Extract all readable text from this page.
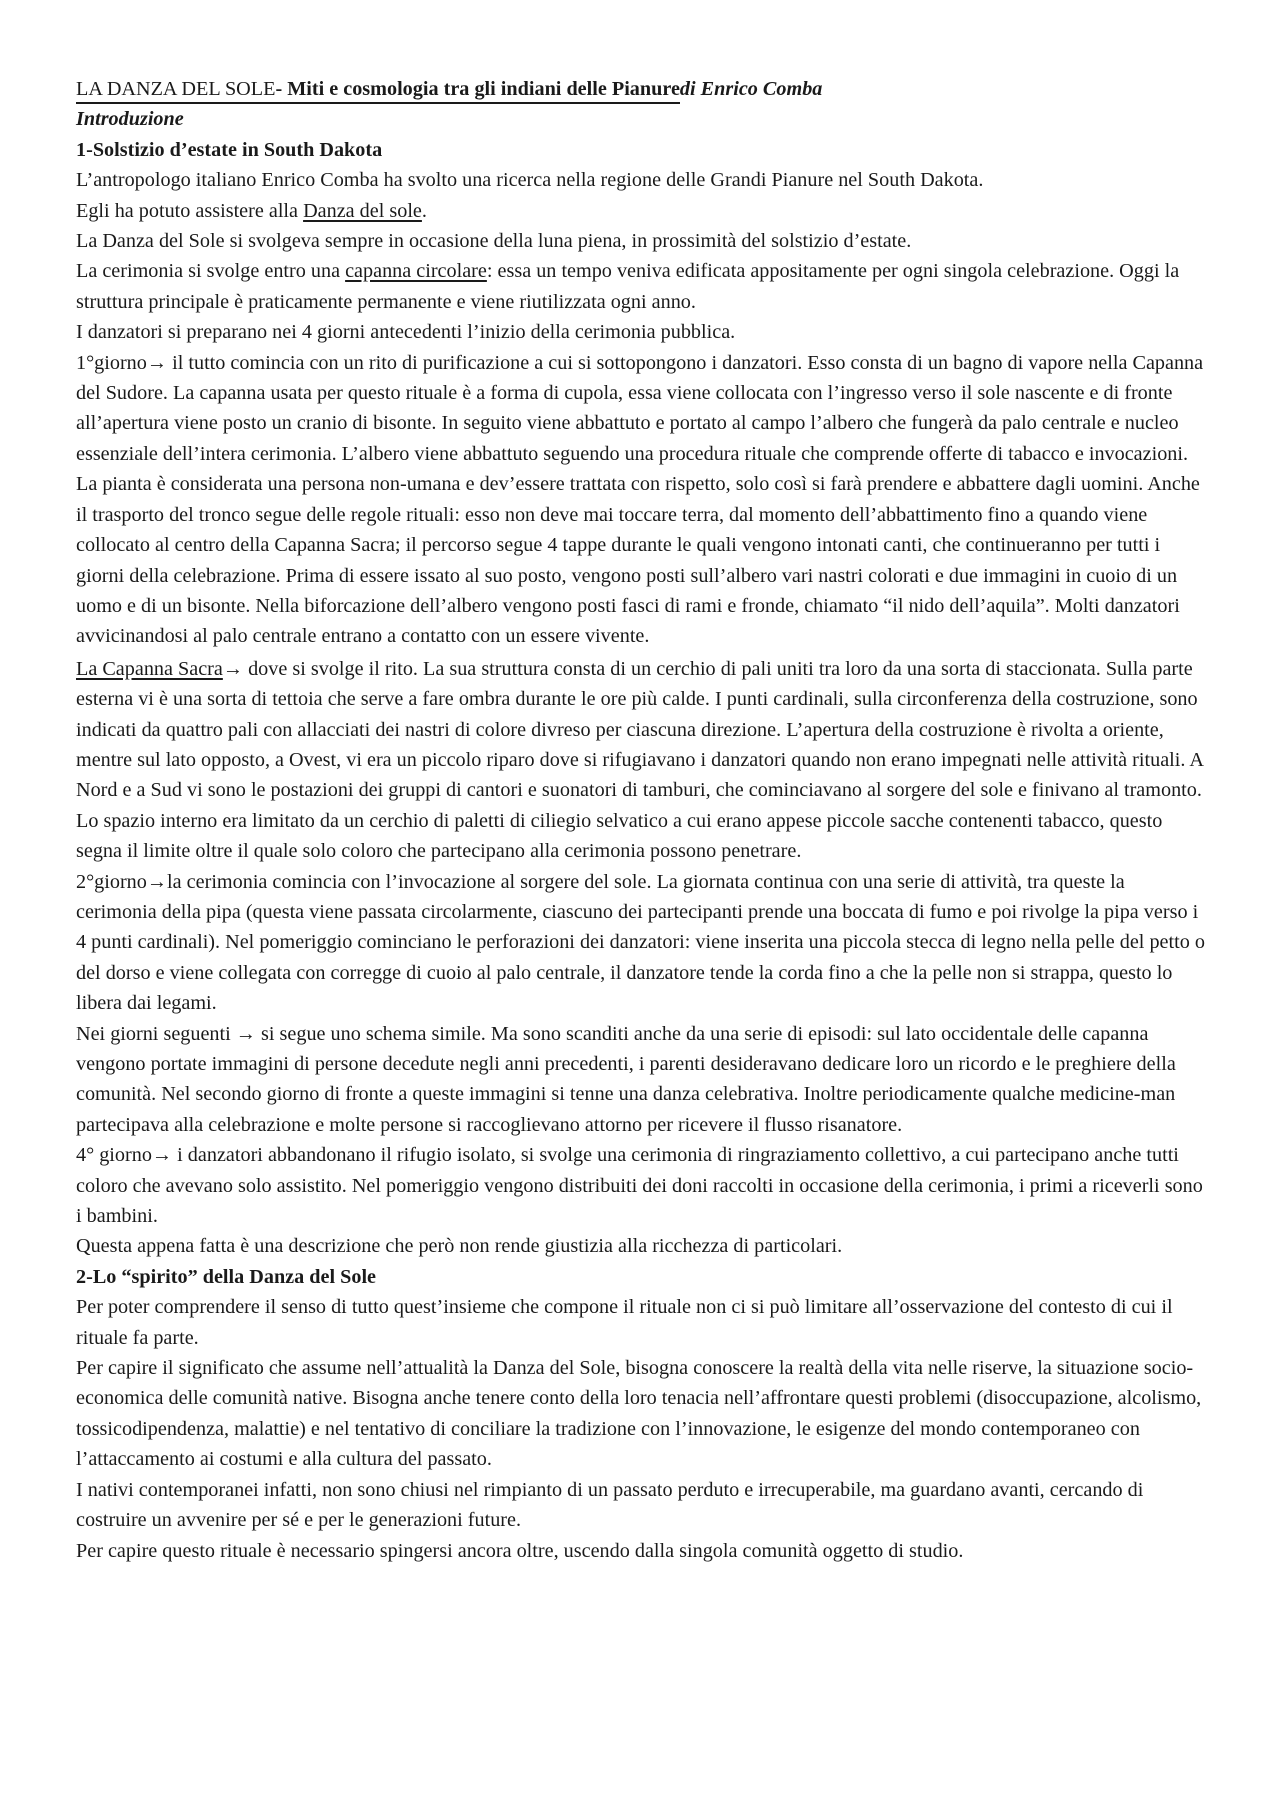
LA DANZA DEL SOLE- Miti e cosmologia tra gli indiani delle Pianuredi Enrico Comba

Introduzione

1-Solstizio d’estate in South Dakota

L’antropologo italiano Enrico Comba ha svolto una ricerca nella regione delle Grandi Pianure nel South Dakota.

Egli ha potuto assistere alla Danza del sole.

La Danza del Sole si svolgeva sempre in occasione della luna piena, in prossimità del solstizio d’estate.

La cerimonia si svolge entro una capanna circolare: essa un tempo veniva edificata appositamente per ogni singola celebrazione. Oggi la struttura principale è praticamente permanente e viene riutilizzata ogni anno.

I danzatori si preparano nei 4 giorni antecedenti l’inizio della cerimonia pubblica.

1°giorno→ il tutto comincia con un rito di purificazione a cui si sottopongono i danzatori. Esso consta di un bagno di vapore nella Capanna del Sudore. La capanna usata per questo rituale è a forma di cupola, essa viene collocata con l’ingresso verso il sole nascente e di fronte all’apertura viene posto un cranio di bisonte. In seguito viene abbattuto e portato al campo l’albero che fungerà da palo centrale e nucleo essenziale dell’intera cerimonia. L’albero viene abbattuto seguendo una procedura rituale che comprende offerte di tabacco e invocazioni. La pianta è considerata una persona non-umana e dev’essere trattata con rispetto, solo così si farà prendere e abbattere dagli uomini. Anche il trasporto del tronco segue delle regole rituali: esso non deve mai toccare terra, dal momento dell’abbattimento fino a quando viene collocato al centro della Capanna Sacra; il percorso segue 4 tappe durante le quali vengono intonati canti, che continueranno per tutti i giorni della celebrazione. Prima di essere issato al suo posto, vengono posti sull’albero vari nastri colorati e due immagini in cuoio di un uomo e di un bisonte. Nella biforcazione dell’albero vengono posti fasci di rami e fronde, chiamato “il nido dell’aquila”. Molti danzatori avvicinandosi al palo centrale entrano a contatto con un essere vivente.

La Capanna Sacra→ dove si svolge il rito. La sua struttura consta di un cerchio di pali uniti tra loro da una sorta di staccionata. Sulla parte esterna vi è una sorta di tettoia che serve a fare ombra durante le ore più calde. I punti cardinali, sulla circonferenza della costruzione, sono indicati da quattro pali con allacciati dei nastri di colore divreso per ciascuna direzione. L’apertura della costruzione è rivolta a oriente, mentre sul lato opposto, a Ovest, vi era un piccolo riparo dove si rifugiavano i danzatori quando non erano impegnati nelle attività rituali. A Nord e a Sud vi sono le postazioni dei gruppi di cantori e suonatori di tamburi, che cominciavano al sorgere del sole e finivano al tramonto. Lo spazio interno era limitato da un cerchio di paletti di ciliegio selvatico a cui erano appese piccole sacche contenenti tabacco, questo segna il limite oltre il quale solo coloro che partecipano alla cerimonia possono penetrare.

2°giorno→la cerimonia comincia con l’invocazione al sorgere del sole. La giornata continua con una serie di attività, tra queste la cerimonia della pipa (questa viene passata circolarmente, ciascuno dei partecipanti prende una boccata di fumo e poi rivolge la pipa verso i 4 punti cardinali). Nel pomeriggio cominciano le perforazioni dei danzatori: viene inserita una piccola stecca di legno nella pelle del petto o del dorso e viene collegata con corregge di cuoio al palo centrale, il danzatore tende la corda fino a che la pelle non si strappa, questo lo libera dai legami.

Nei giorni seguenti → si segue uno schema simile. Ma sono scanditi anche da una serie di episodi: sul lato occidentale delle capanna vengono portate immagini di persone decedute negli anni precedenti, i parenti desideravano dedicare loro un ricordo e le preghiere della comunità. Nel secondo giorno di fronte a queste immagini si tenne una danza celebrativa. Inoltre periodicamente qualche medicine-man partecipava alla celebrazione e molte persone si raccoglievano attorno per ricevere il flusso risanatore.

4° giorno→ i danzatori abbandonano il rifugio isolato, si svolge una cerimonia di ringraziamento collettivo, a cui partecipano anche tutti coloro che avevano solo assistito. Nel pomeriggio vengono distribuiti dei doni raccolti in occasione della cerimonia, i primi a riceverli sono i bambini.

Questa appena fatta è una descrizione che però non rende giustizia alla ricchezza di particolari.

2-Lo “spirito” della Danza del Sole

Per poter comprendere il senso di tutto quest’insieme che compone il rituale non ci si può limitare all’osservazione del contesto di cui il rituale fa parte.

Per capire il significato che assume nell’attualità la Danza del Sole, bisogna conoscere la realtà della vita nelle riserve, la situazione socio-economica delle comunità native. Bisogna anche tenere conto della loro tenacia nell’affrontare questi problemi (disoccupazione, alcolismo, tossicodipendenza, malattie) e nel tentativo di conciliare la tradizione con l’innovazione, le esigenze del mondo contemporaneo con l’attaccamento ai costumi e alla cultura del passato.

I nativi contemporanei infatti, non sono chiusi nel rimpianto di un passato perduto e irrecuperabile, ma guardano avanti, cercando di costruire un avvenire per sé e per le generazioni future.

Per capire questo rituale è necessario spingersi ancora oltre, uscendo dalla singola comunità oggetto di studio.
